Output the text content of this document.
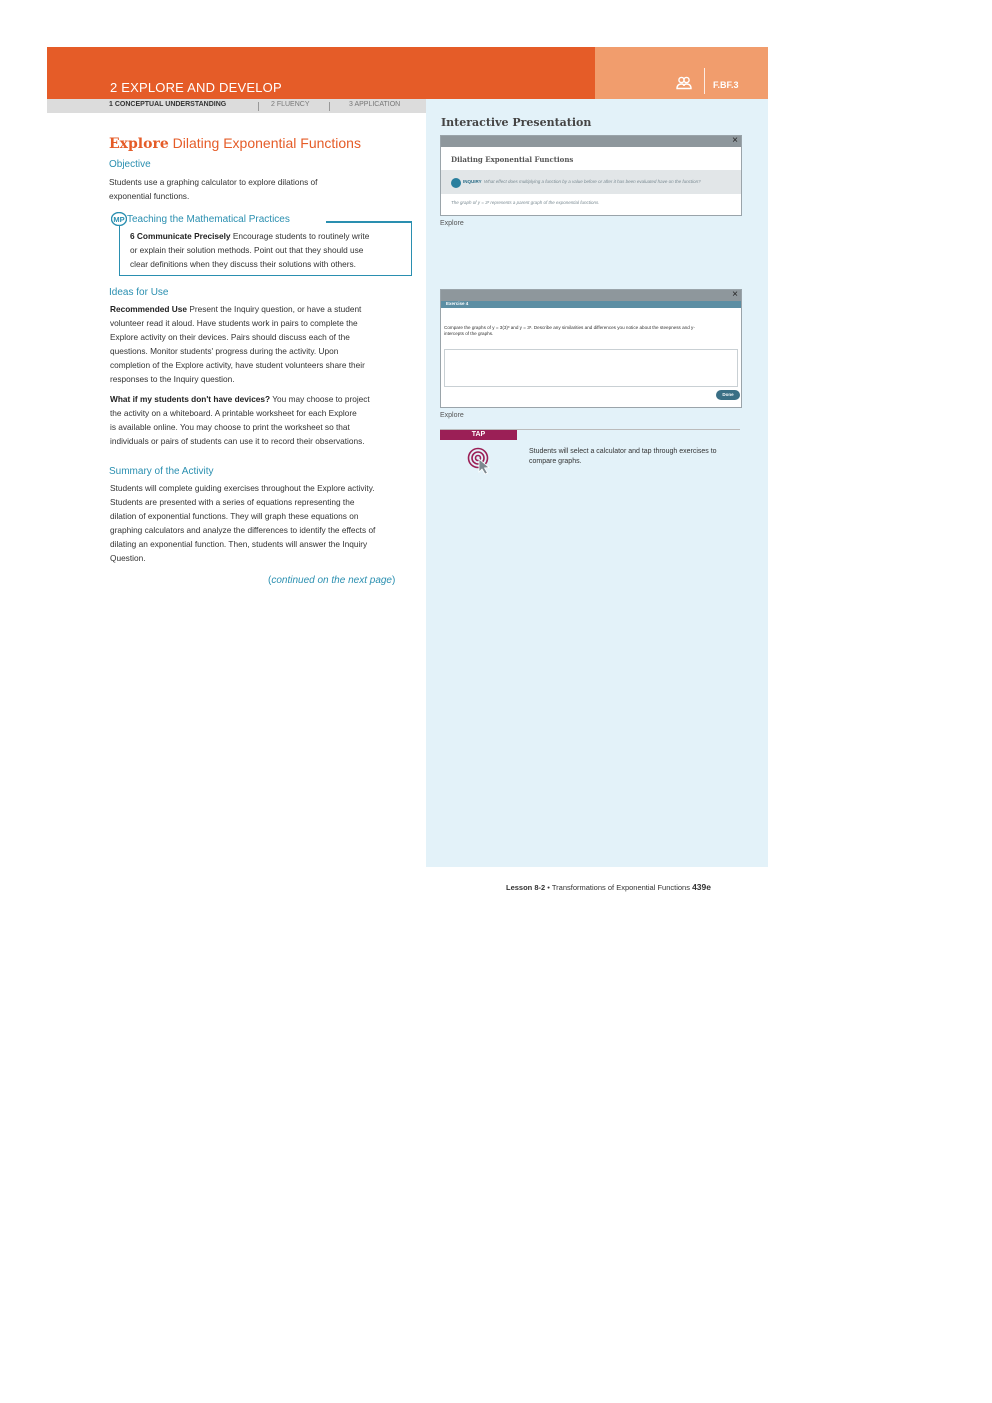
2 EXPLORE AND DEVELOP	F.BF.3
1 CONCEPTUAL UNDERSTANDING	2 FLUENCY	3 APPLICATION
Explore Dilating Exponential Functions
Objective
Students use a graphing calculator to explore dilations of
exponential functions.
MP Teaching the Mathematical Practices
6 Communicate Precisely Encourage students to routinely write
or explain their solution methods. Point out that they should use
clear definitions when they discuss their solutions with others.
Ideas for Use
Recommended Use Present the Inquiry question, or have a student
volunteer read it aloud. Have students work in pairs to complete the
Explore activity on their devices. Pairs should discuss each of the
questions. Monitor students' progress during the activity. Upon
completion of the Explore activity, have student volunteers share their
responses to the Inquiry question.
What if my students don't have devices? You may choose to project
the activity on a whiteboard. A printable worksheet for each Explore
is available online. You may choose to print the worksheet so that
individuals or pairs of students can use it to record their observations.
Summary of the Activity
Students will complete guiding exercises throughout the Explore activity.
Students are presented with a series of equations representing the
dilation of exponential functions. They will graph these equations on
graphing calculators and analyze the differences to identify the effects of
dilating an exponential function. Then, students will answer the Inquiry
Question.
(continued on the next page)
Interactive Presentation
×
Dilating Exponential Functions
INQUIRY What effect does multiplying a function by a value before or after it has been evaluated have on the function?
The graph of y = 3ˣ represents a parent graph of the exponential functions.
Explore
×
Exercise 4
Compare the graphs of y = 3(3)ˣ and y = 3ˣ. Describe any similarities and differences you notice about the steepness and y-
intercepts of the graphs.
Done
Explore
TAP
Students will select a calculator and tap through exercises to
compare graphs.
Lesson 8-2 • Transformations of Exponential Functions 439e
